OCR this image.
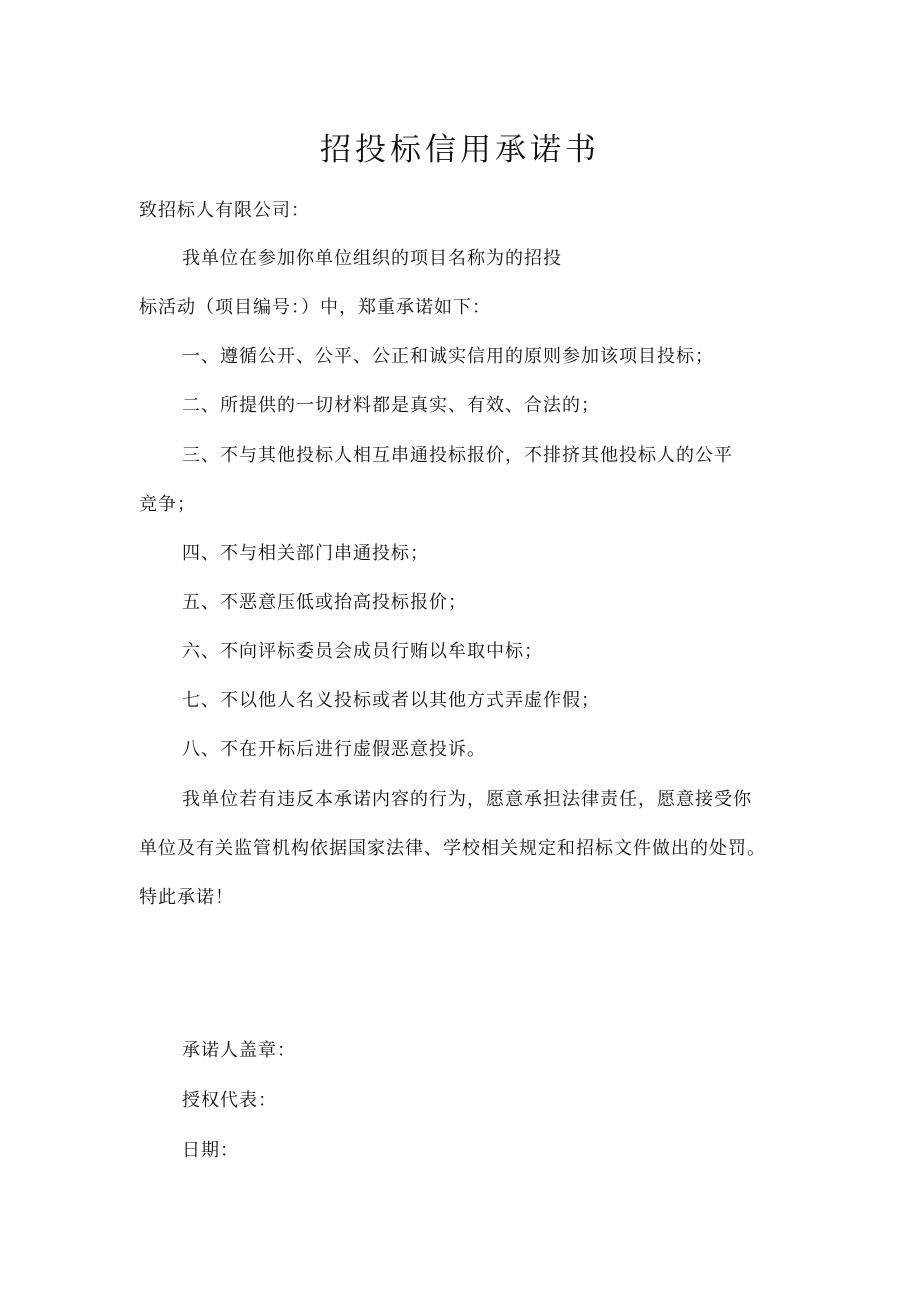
招投标信用承诺书
致招标人有限公司：
我单位在参加你单位组织的项目名称为的招投
标活动（项目编号：）中，郑重承诺如下：
一、遵循公开、公平、公正和诚实信用的原则参加该项目投标；
二、所提供的一切材料都是真实、有效、合法的；
三、不与其他投标人相互串通投标报价，不排挤其他投标人的公平
竞争；
四、不与相关部门串通投标；
五、不恶意压低或抬高投标报价；
六、不向评标委员会成员行贿以牟取中标；
七、不以他人名义投标或者以其他方式弄虚作假；
八、不在开标后进行虚假恶意投诉。
我单位若有违反本承诺内容的行为，愿意承担法律责任，愿意接受你
单位及有关监管机构依据国家法律、学校相关规定和招标文件做出的处罚。
特此承诺！
承诺人盖章：
授权代表：
日期：
